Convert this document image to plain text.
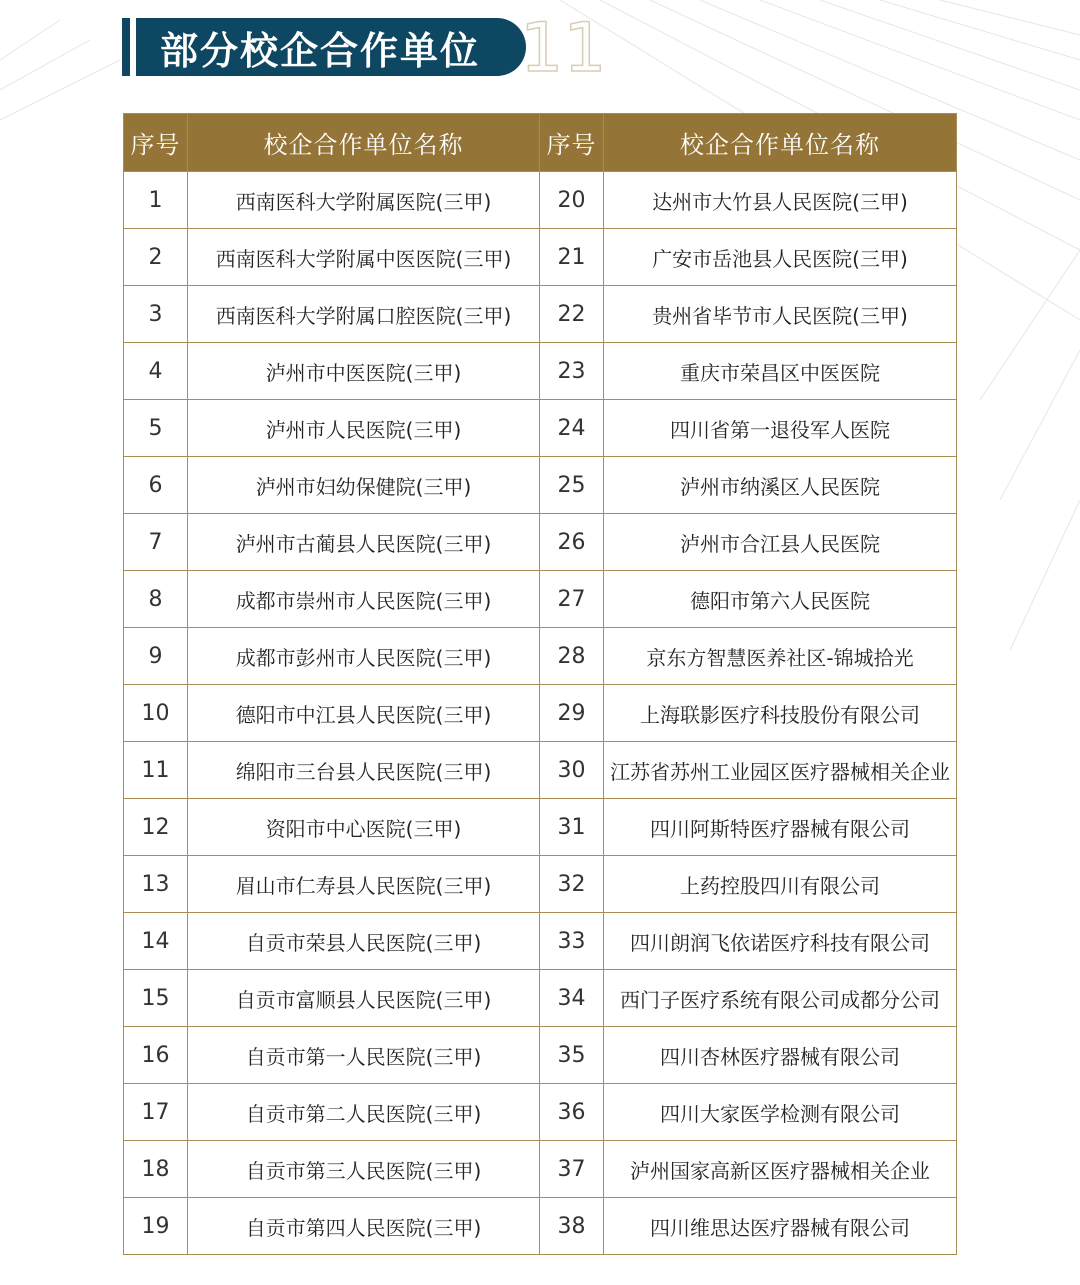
部分校企合作单位 11
序号	校企合作单位名称	序号	校企合作单位名称
1	西南医科大学附属医院(三甲)	20	达州市大竹县人民医院(三甲)
2	西南医科大学附属中医医院(三甲)	21	广安市岳池县人民医院(三甲)
3	西南医科大学附属口腔医院(三甲)	22	贵州省毕节市人民医院(三甲)
4	泸州市中医医院(三甲)	23	重庆市荣昌区中医医院
5	泸州市人民医院(三甲)	24	四川省第一退役军人医院
6	泸州市妇幼保健院(三甲)	25	泸州市纳溪区人民医院
7	泸州市古蔺县人民医院(三甲)	26	泸州市合江县人民医院
8	成都市崇州市人民医院(三甲)	27	德阳市第六人民医院
9	成都市彭州市人民医院(三甲)	28	京东方智慧医养社区-锦城拾光
10	德阳市中江县人民医院(三甲)	29	上海联影医疗科技股份有限公司
11	绵阳市三台县人民医院(三甲)	30	江苏省苏州工业园区医疗器械相关企业
12	资阳市中心医院(三甲)	31	四川阿斯特医疗器械有限公司
13	眉山市仁寿县人民医院(三甲)	32	上药控股四川有限公司
14	自贡市荣县人民医院(三甲)	33	四川朗润飞依诺医疗科技有限公司
15	自贡市富顺县人民医院(三甲)	34	西门子医疗系统有限公司成都分公司
16	自贡市第一人民医院(三甲)	35	四川杏林医疗器械有限公司
17	自贡市第二人民医院(三甲)	36	四川大家医学检测有限公司
18	自贡市第三人民医院(三甲)	37	泸州国家高新区医疗器械相关企业
19	自贡市第四人民医院(三甲)	38	四川维思达医疗器械有限公司
